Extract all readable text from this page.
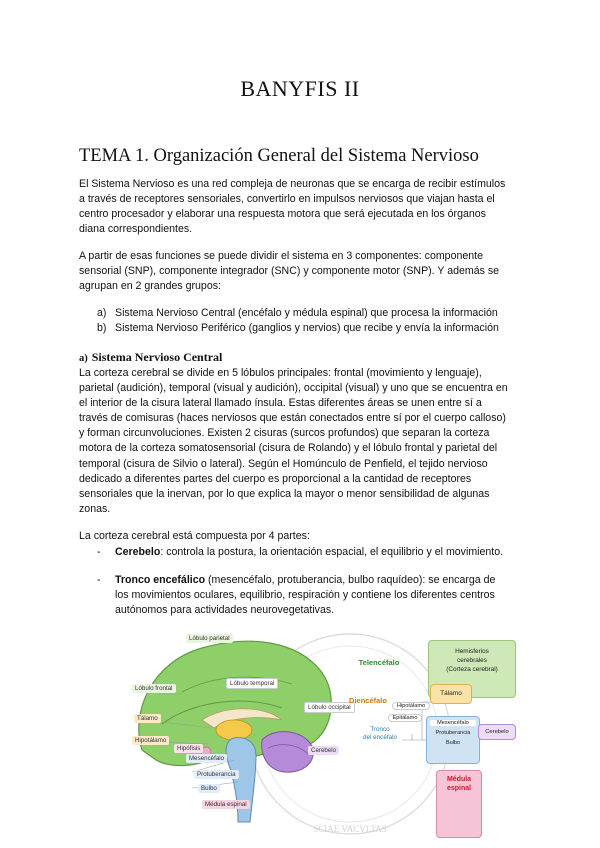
BANYFIS II
TEMA 1. Organización General del Sistema Nervioso
El Sistema Nervioso es una red compleja de neuronas que se encarga de recibir estímulos
a través de receptores sensoriales, convertirlo en impulsos nerviosos que viajan hasta el
centro procesador y elaborar una respuesta motora que será ejecutada en los órganos
diana correspondientes.
A partir de esas funciones se puede dividir el sistema en 3 componentes: componente
sensorial (SNP), componente integrador (SNC) y componente motor (SNP). Y además se
agrupan en 2 grandes grupos:
a) Sistema Nervioso Central (encéfalo y médula espinal) que procesa la información
b) Sistema Nervioso Periférico (ganglios y nervios) que recibe y envía la información
a) Sistema Nervioso Central
La corteza cerebral se divide en 5 lóbulos principales: frontal (movimiento y lenguaje),
parietal (audición), temporal (visual y audición), occipital (visual) y uno que se encuentra en
el interior de la cisura lateral llamado ínsula. Estas diferentes áreas se unen entre sí a
través de comisuras (haces nerviosos que están conectados entre sí por el cuerpo calloso)
y forman circunvoluciones. Existen 2 cisuras (surcos profundos) que separan la corteza
motora de la corteza somatosensorial (cisura de Rolando) y el lóbulo frontal y parietal del
temporal (cisura de Silvio o lateral). Según el Homúnculo de Penfield, el tejido nervioso
dedicado a diferentes partes del cuerpo es proporcional a la cantidad de receptores
sensoriales que la inervan, por lo que explica la mayor o menor sensibilidad de algunas
zonas.
La corteza cerebral está compuesta por 4 partes:
- Cerebelo: controla la postura, la orientación espacial, el equilibrio y el movimiento.
- Tronco encefálico (mesencéfalo, protuberancia, bulbo raquídeo): se encarga de
los movimientos oculares, equilibrio, respiración y contiene los diferentes centros
autónomos para actividades neurovegetativas.
SCIAE VACVLTAS
Lóbulo parietal
Lóbulo frontal
Lóbulo temporal
Tálamo
Hipotálamo
Lóbulo occipital
Mesencéfalo
Protuberancia
Bulbo
Médula espinal
Cerebelo
Hipófisis
Telencéfalo
Hemisferios
cerebrales
(Corteza cerebral)
Diencéfalo
Tálamo
Hipotálamo
Epitálamo
Tronco
del encéfalo
Mesencéfalo
Protuberancia
Bulbo
Cerebelo
Médula
espinal
